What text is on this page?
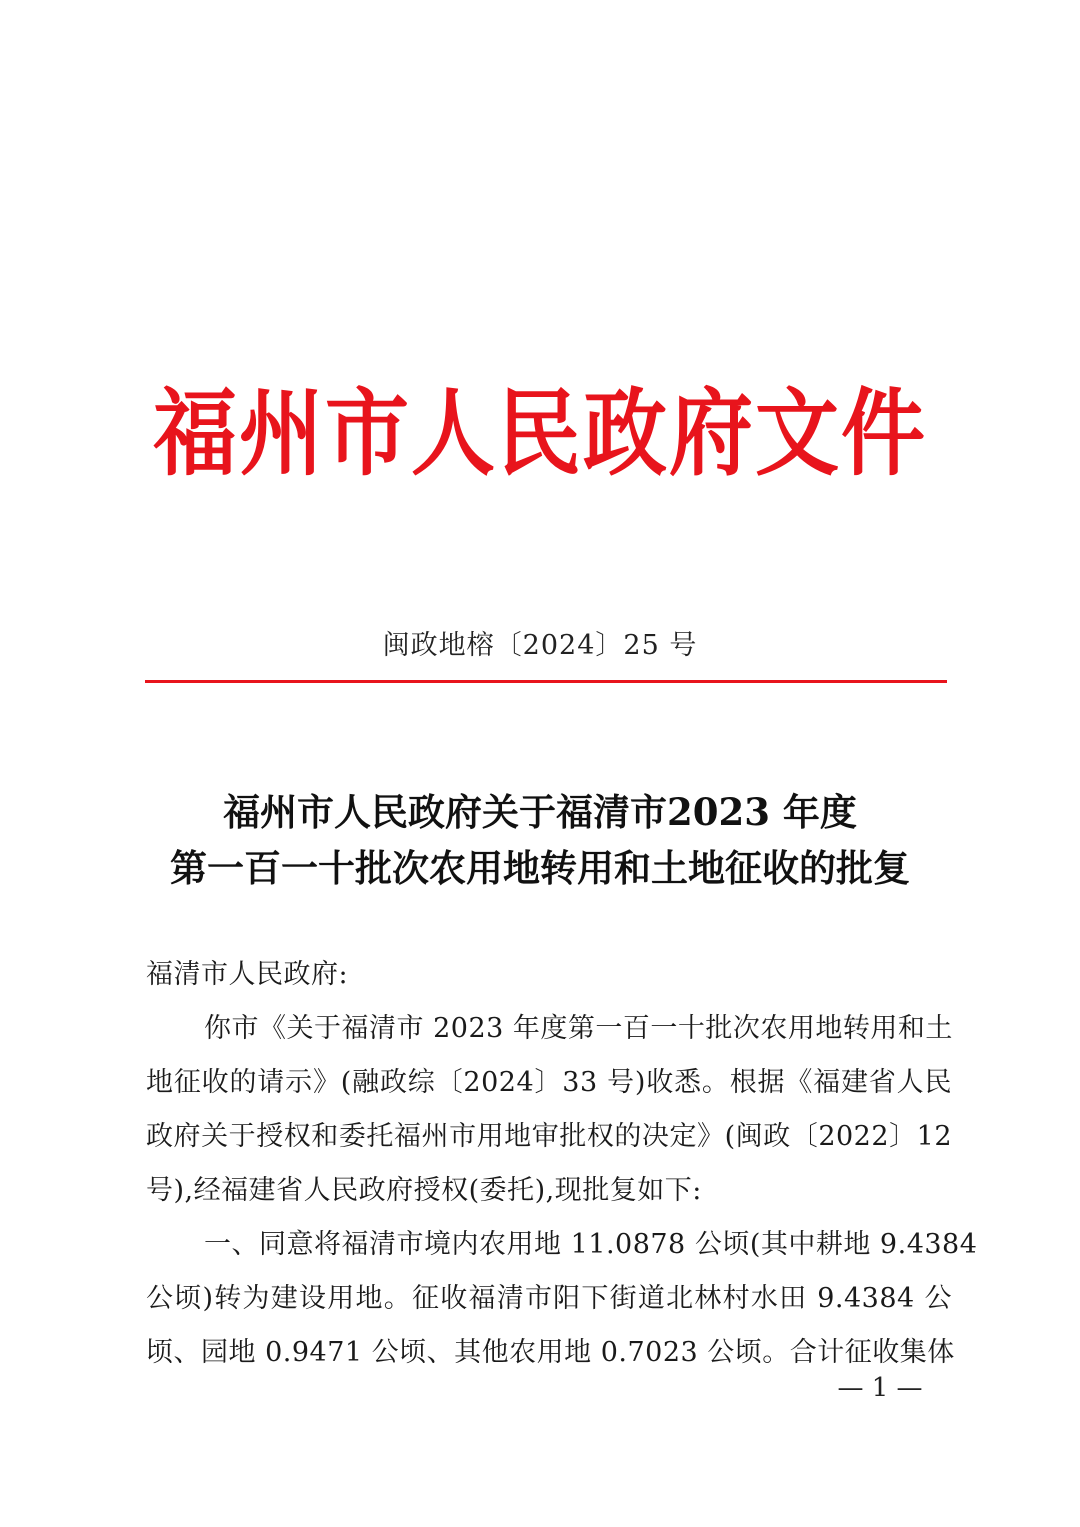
福州市人民政府文件
闽政地榕〔2024〕25 号
福州市人民政府关于福清市2023 年度
第一百一十批次农用地转用和土地征收的批复
福清市人民政府:
你市《关于福清市 2023 年度第一百一十批次农用地转用和土
地征收的请示》(融政综〔2024〕33 号)收悉。根据《福建省人民
政府关于授权和委托福州市用地审批权的决定》(闽政〔2022〕12
号),经福建省人民政府授权(委托),现批复如下:
一、同意将福清市境内农用地 11.0878 公顷(其中耕地 9.4384
公顷)转为建设用地。征收福清市阳下街道北林村水田 9.4384 公
顷、园地 0.9471 公顷、其他农用地 0.7023 公顷。合计征收集体
— 1 —
